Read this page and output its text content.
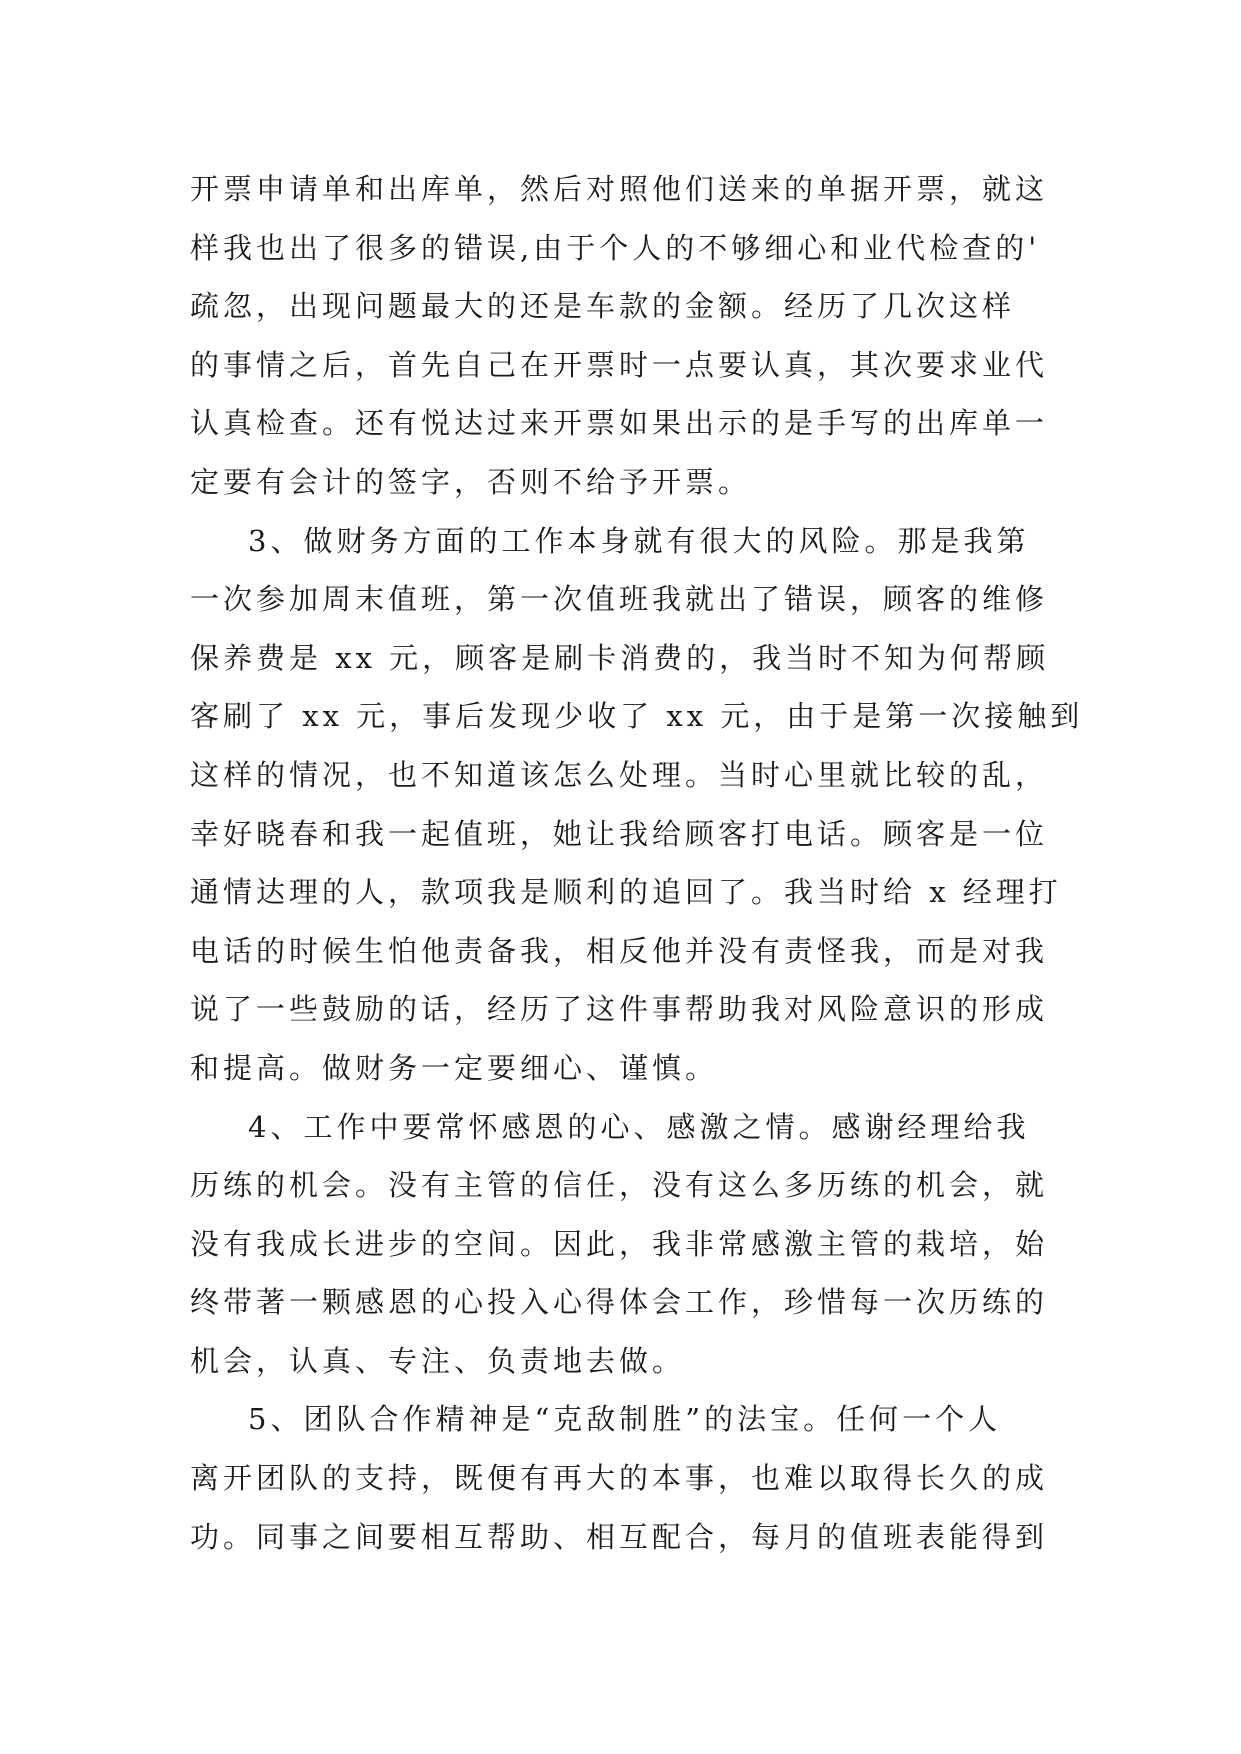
开票申请单和出库单，然后对照他们送来的单据开票，就这
样我也出了很多的错误,由于个人的不够细心和业代检查的'
疏忽，出现问题最大的还是车款的金额。经历了几次这样
的事情之后，首先自己在开票时一点要认真，其次要求业代
认真检查。还有悦达过来开票如果出示的是手写的出库单一
定要有会计的签字，否则不给予开票。
3、做财务方面的工作本身就有很大的风险。那是我第
一次参加周末值班，第一次值班我就出了错误，顾客的维修
保养费是 xx 元，顾客是刷卡消费的，我当时不知为何帮顾
客刷了 xx 元，事后发现少收了 xx 元，由于是第一次接触到
这样的情况，也不知道该怎么处理。当时心里就比较的乱，
幸好晓春和我一起值班，她让我给顾客打电话。顾客是一位
通情达理的人，款项我是顺利的追回了。我当时给 x 经理打
电话的时候生怕他责备我，相反他并没有责怪我，而是对我
说了一些鼓励的话，经历了这件事帮助我对风险意识的形成
和提高。做财务一定要细心、谨慎。
4、工作中要常怀感恩的心、感激之情。感谢经理给我
历练的机会。没有主管的信任，没有这么多历练的机会，就
没有我成长进步的空间。因此，我非常感激主管的栽培，始
终带著一颗感恩的心投入心得体会工作，珍惜每一次历练的
机会，认真、专注、负责地去做。
5、团队合作精神是“克敌制胜”的法宝。任何一个人
离开团队的支持，既便有再大的本事，也难以取得长久的成
功。同事之间要相互帮助、相互配合，每月的值班表能得到
